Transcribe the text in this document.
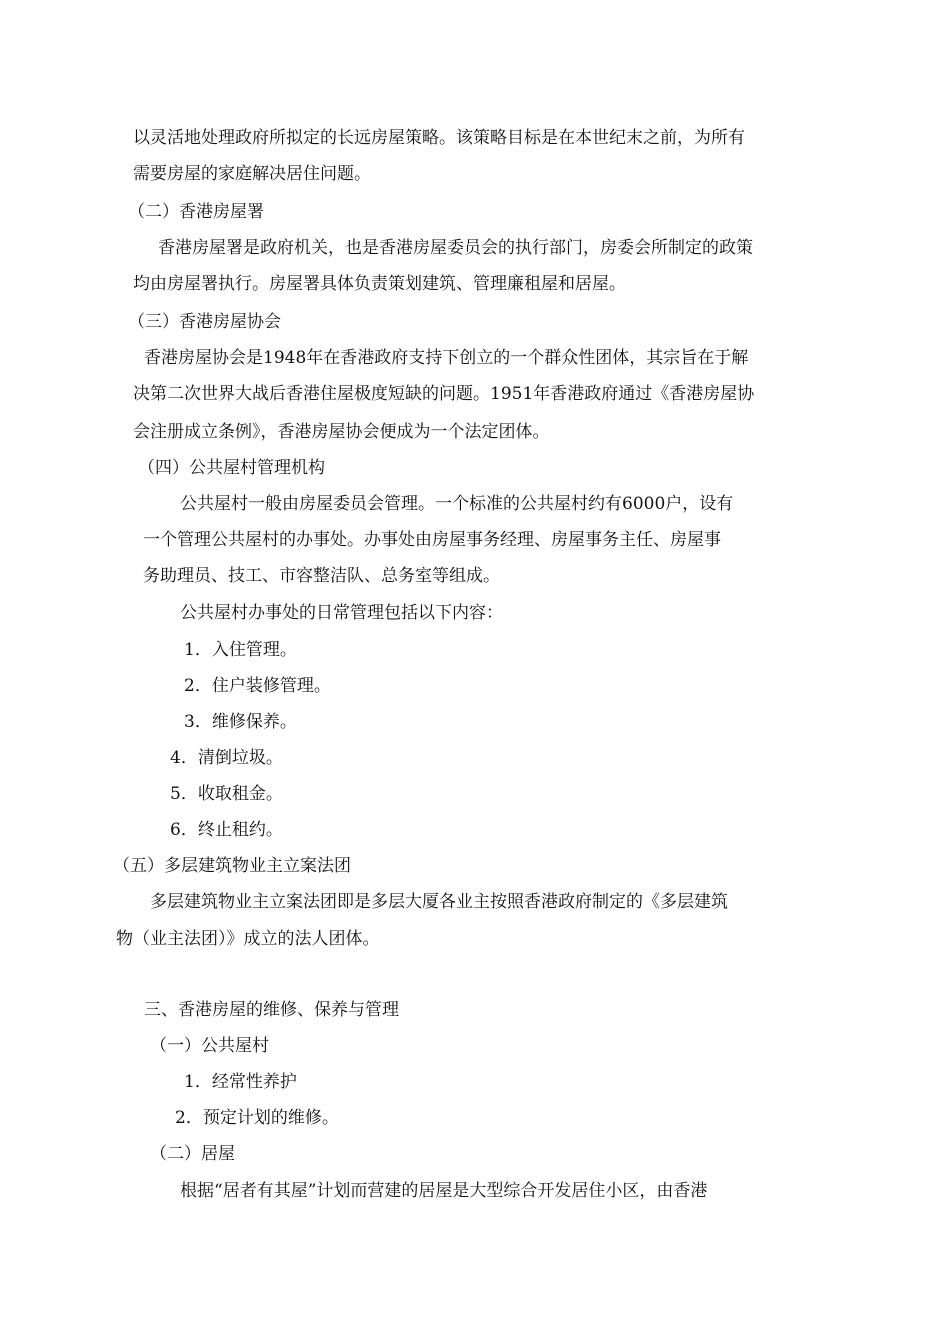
以灵活地处理政府所拟定的长远房屋策略。该策略目标是在本世纪末之前，为所有
需要房屋的家庭解决居住问题。
（二）香港房屋署
香港房屋署是政府机关，也是香港房屋委员会的执行部门，房委会所制定的政策
均由房屋署执行。房屋署具体负责策划建筑、管理廉租屋和居屋。
（三）香港房屋协会
香港房屋协会是1948年在香港政府支持下创立的一个群众性团体，其宗旨在于解
决第二次世界大战后香港住屋极度短缺的问题。1951年香港政府通过《香港房屋协
会注册成立条例》，香港房屋协会便成为一个法定团体。
（四）公共屋村管理机构
公共屋村一般由房屋委员会管理。一个标准的公共屋村约有6000户，设有
一个管理公共屋村的办事处。办事处由房屋事务经理、房屋事务主任、房屋事
务助理员、技工、市容整洁队、总务室等组成。
公共屋村办事处的日常管理包括以下内容：
1．入住管理。
2．住户装修管理。
3．维修保养。
4．清倒垃圾。
5．收取租金。
6．终止租约。
（五）多层建筑物业主立案法团
多层建筑物业主立案法团即是多层大厦各业主按照香港政府制定的《多层建筑
物（业主法团）》成立的法人团体。
三、香港房屋的维修、保养与管理
（一）公共屋村
1．经常性养护
2．预定计划的维修。
（二）居屋
根据“居者有其屋”计划而营建的居屋是大型综合开发居住小区，由香港
